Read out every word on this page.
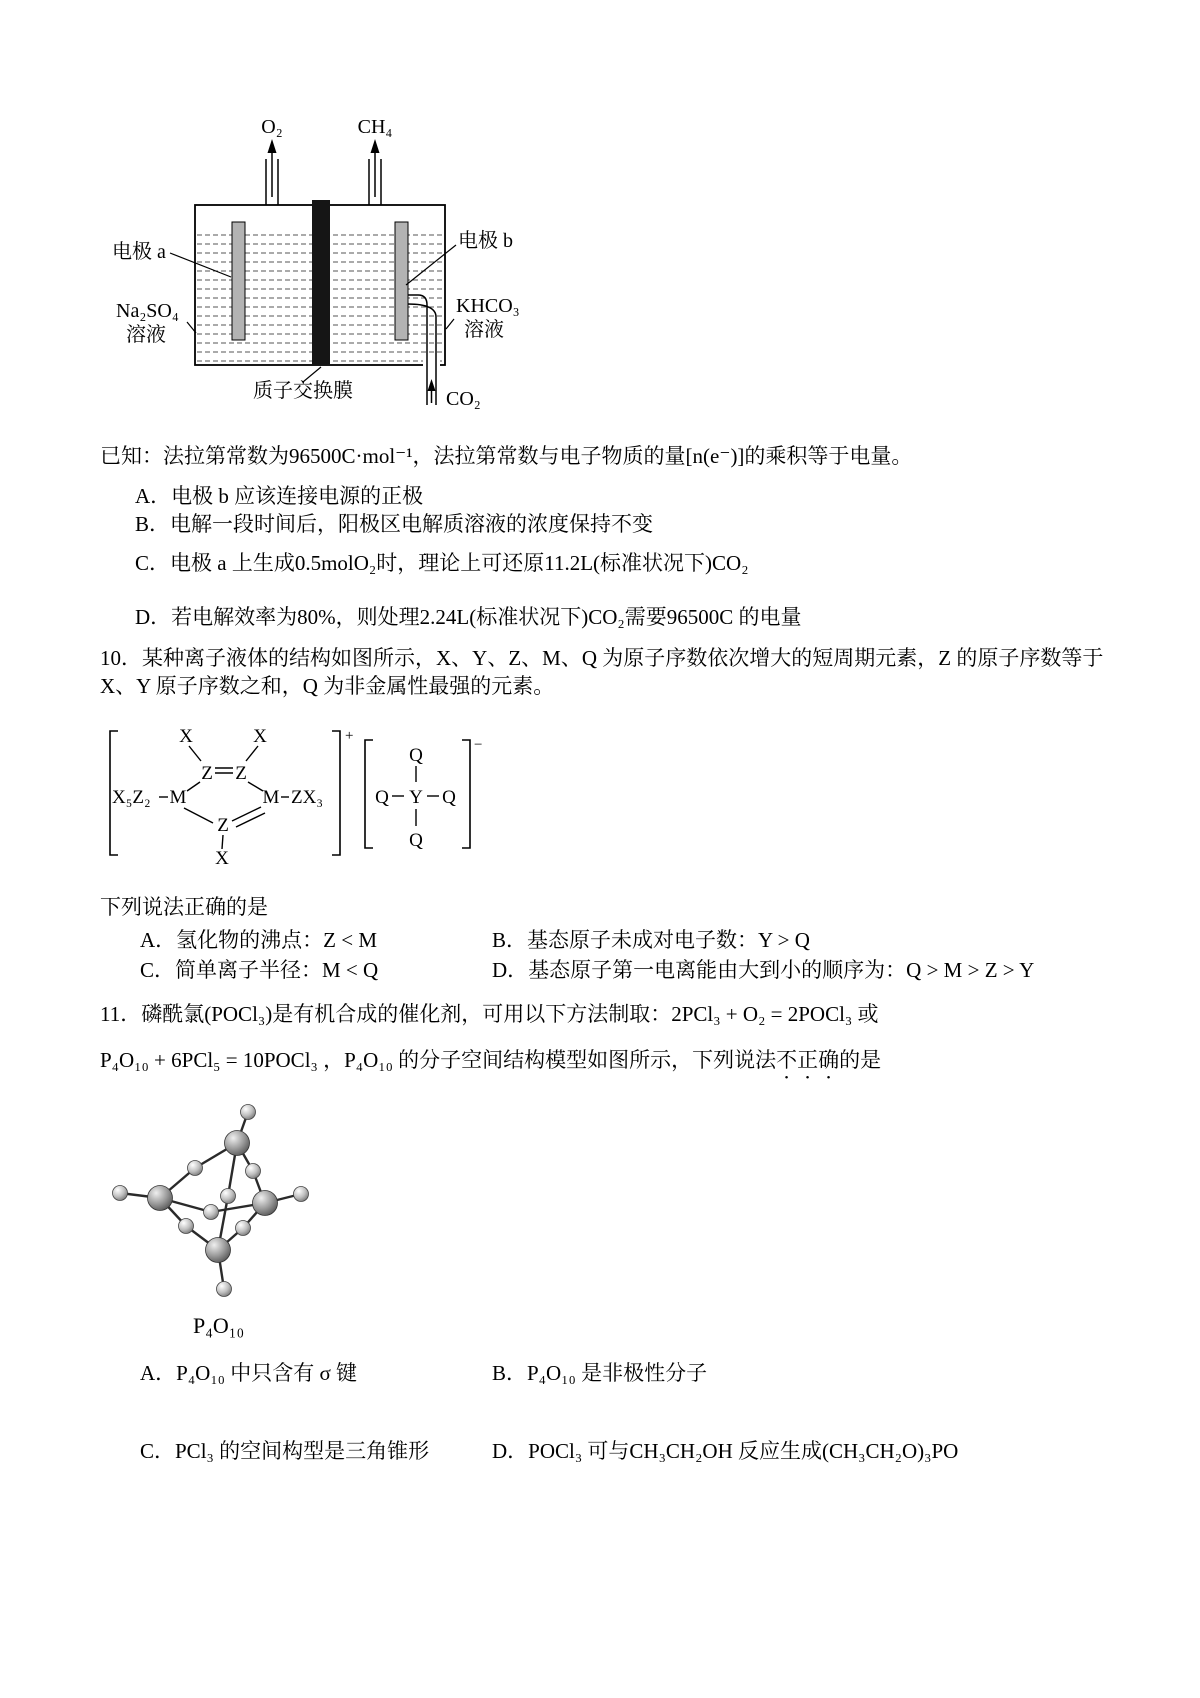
O₂	CH₄
CO₂
电极 a	电极 b
Na₂SO₄
溶液
KHCO₃
溶液
质子交换膜

已知：法拉第常数为96500C·mol⁻¹，法拉第常数与电子物质的量[n(e⁻)]的乘积等于电量。

A．电极 b 应该连接电源的正极

B．电解一段时间后，阳极区电解质溶液的浓度保持不变

C．电极 a 上生成0.5molO₂时，理论上可还原11.2L(标准状况下)CO₂

D．若电解效率为80%，则处理2.24L(标准状况下)CO₂需要96500C 的电量

10．某种离子液体的结构如图所示，X、Y、Z、M、Q 为原子序数依次增大的短周期元素，Z 的原子序数等于 X、Y 原子序数之和，Q 为非金属性最强的元素。

+
X	X
Z Z
M	M
X₅Z₂	ZX₃
Z
X
−
Q
Q Y Q
Q

下列说法正确的是

A．氢化物的沸点：Z < M	B．基态原子未成对电子数：Y > Q
C．简单离子半径：M < Q	D．基态原子第一电离能由大到小的顺序为：Q > M > Z > Y

11．磷酰氯(POCl₃)是有机合成的催化剂，可用以下方法制取：2PCl₃ + O₂ = 2POCl₃ 或

P₄O₁₀ + 6PCl₅ = 10POCl₃ ，P₄O₁₀ 的分子空间结构模型如图所示，下列说法不正确的是

P₄O₁₀

A．P₄O₁₀ 中只含有 σ 键	B．P₄O₁₀ 是非极性分子
C．PCl₃ 的空间构型是三角锥形	D．POCl₃ 可与CH₃CH₂OH 反应生成(CH₃CH₂O)₃PO
